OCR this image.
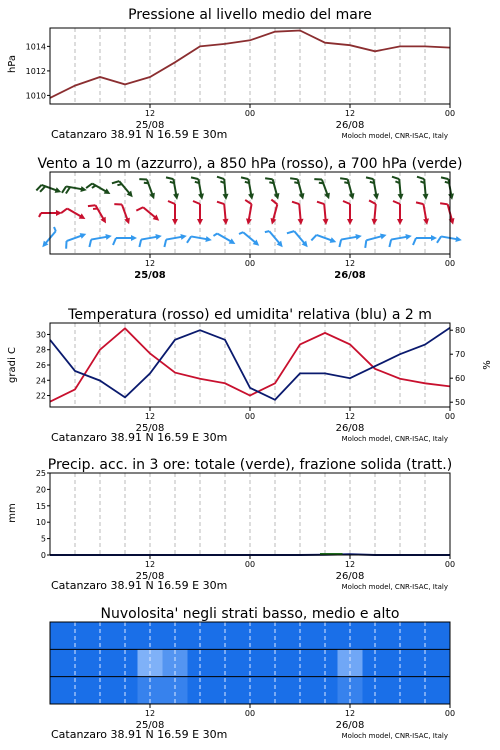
Pressione al livello medio del mare
Vento a 10 m (azzurro), a 850 hPa (rosso), a 700 hPa (verde)
Temperatura (rosso) ed umidita' relativa (blu) a 2 m
Precip. acc. in 3 ore: totale (verde), frazione solida (tratt.)
Nuvolosita' negli strati basso, medio e alto
hPa
gradi C	%
mm
12	00	12	00
25/08	26/08
Catanzaro 38.91 N 16.59 E 30m	Moloch model, CNR-ISAC, Italy
1010
1012
1014
12	00	12	00
25/08	26/08
12	00	12	00
25/08	26/08
Catanzaro 38.91 N 16.59 E 30m	Moloch model, CNR-ISAC, Italy
22
24
26
28
30
50
60
70
80
12	00	12	00
25/08	26/08
Catanzaro 38.91 N 16.59 E 30m	Moloch model, CNR-ISAC, Italy
0
5
10
15
20
25
12	00	12	00
25/08	26/08
Catanzaro 38.91 N 16.59 E 30m	Moloch model, CNR-ISAC, Italy
